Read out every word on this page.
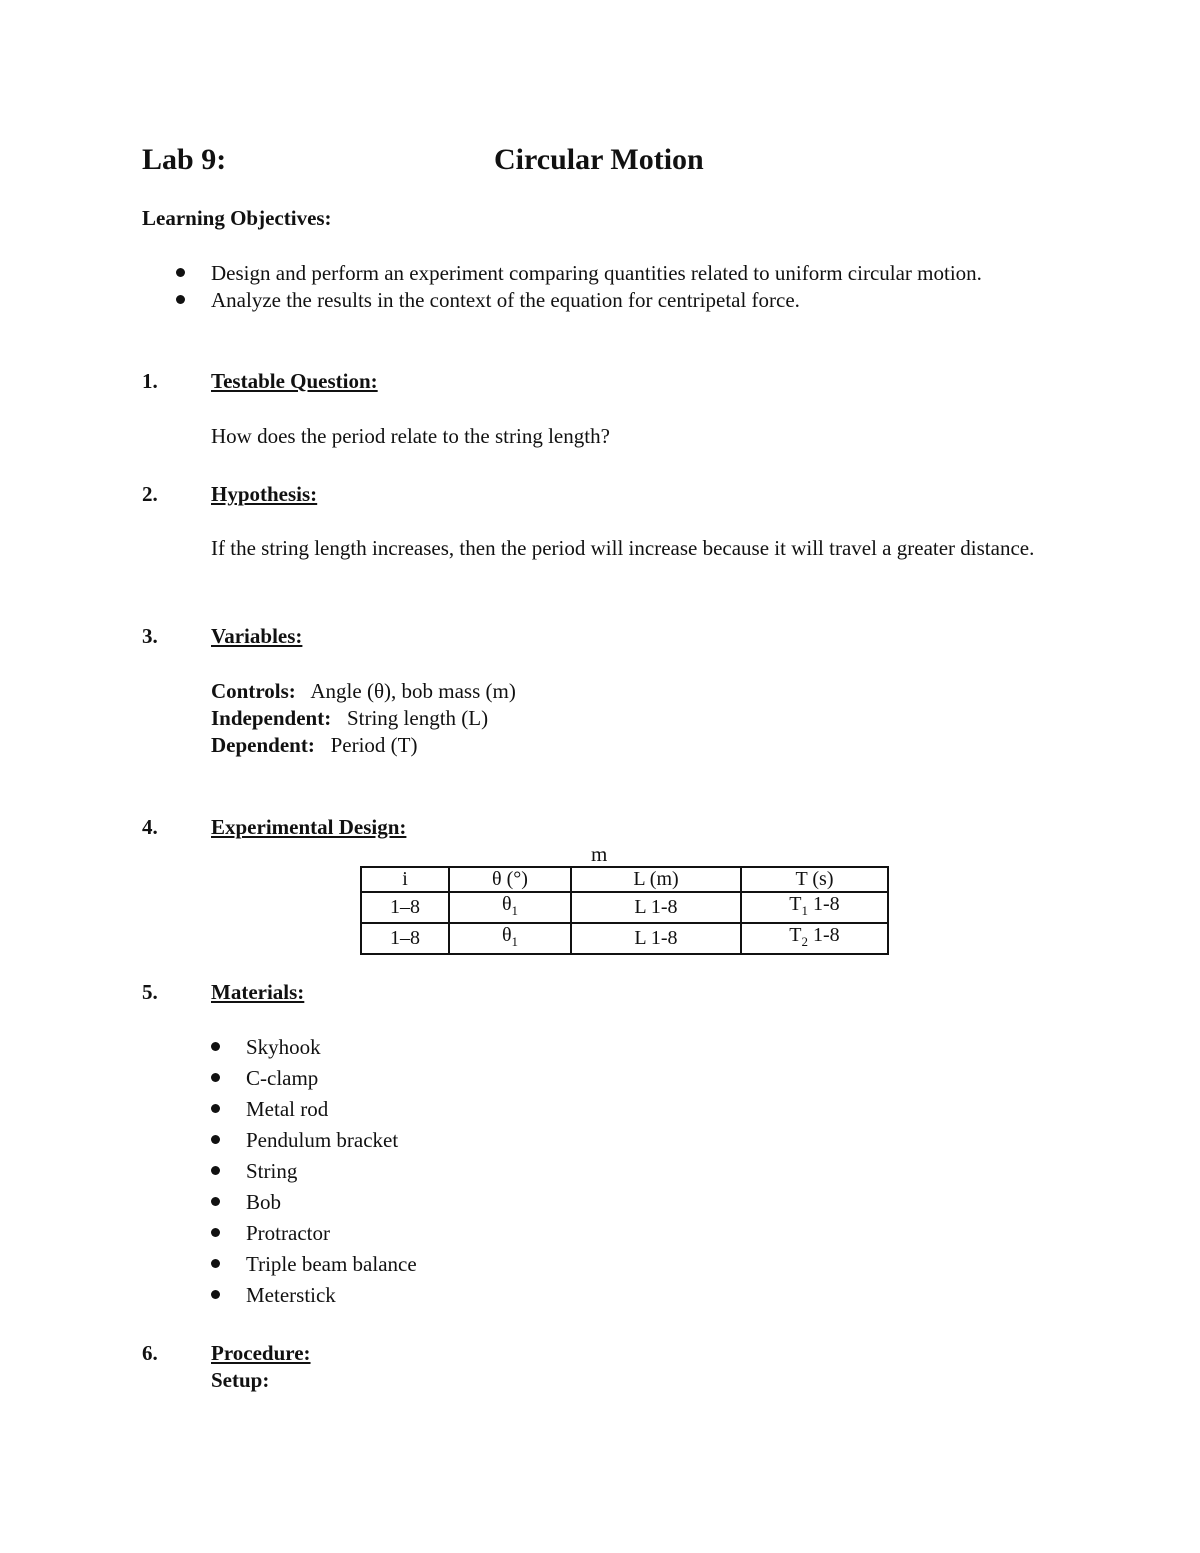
Lab 9:	Circular Motion
Learning Objectives:
Design and perform an experiment comparing quantities related to uniform circular motion.
Analyze the results in the context of the equation for centripetal force.
1.	Testable Question:
How does the period relate to the string length?
2.	Hypothesis:
If the string length increases, then the period will increase because it will travel a greater distance.
3.	Variables:
Controls: Angle (θ), bob mass (m)
Independent: String length (L)
Dependent: Period (T)
4.	Experimental Design:
m
i	θ (°)	L (m)	T (s)
1–8	$\theta_1$	L 1-8	$T_1$ 1-8
1–8	$\theta_1$	L 1-8	$T_2$ 1-8
5.	Materials:
Skyhook
C-clamp
Metal rod
Pendulum bracket
String
Bob
Protractor
Triple beam balance
Meterstick
6.	Procedure:
Setup:
